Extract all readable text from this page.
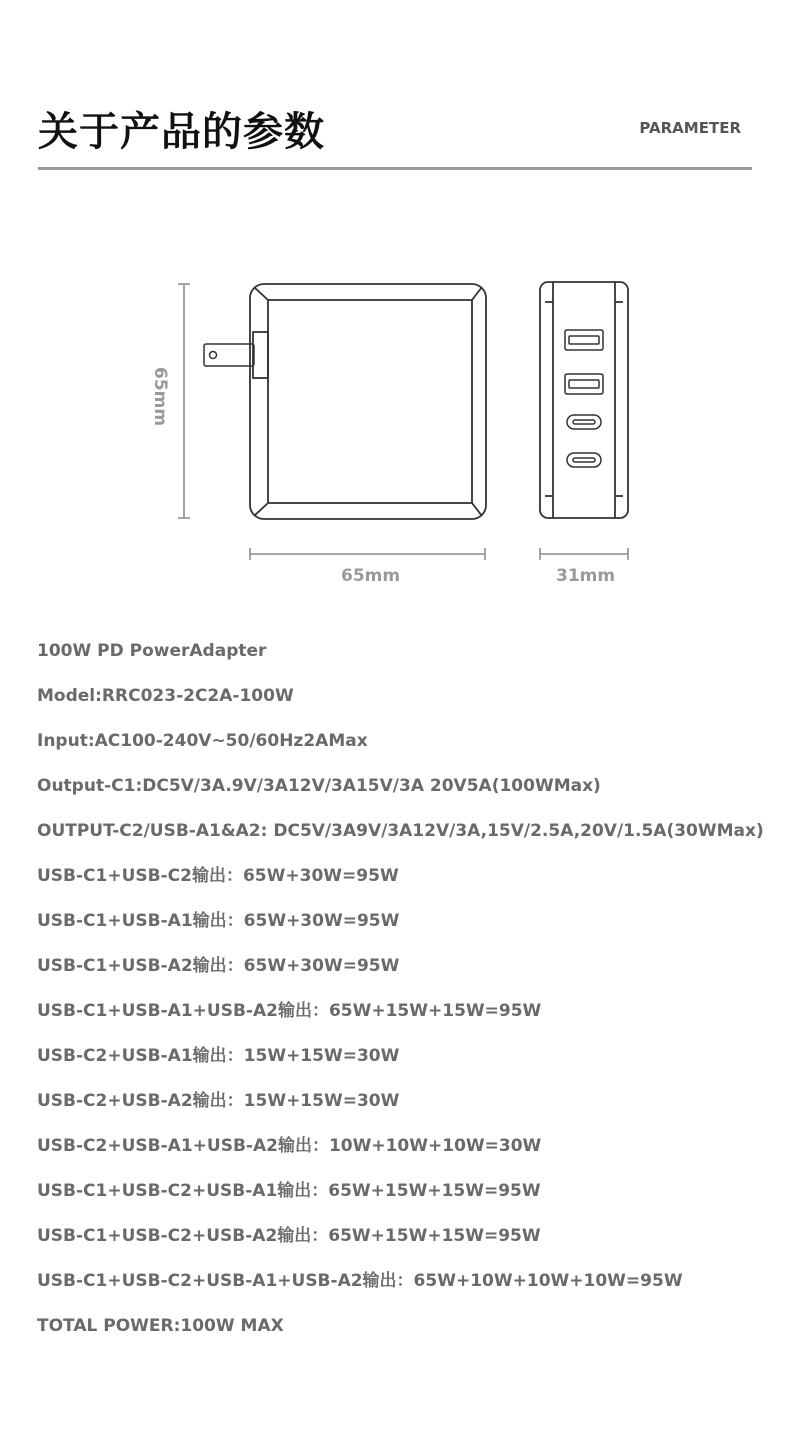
关于产品的参数	PARAMETER
65mm
65mm	31mm
100W PD PowerAdapter
Model:RRC023-2C2A-100W
Input:AC100-240V~50/60Hz2AMax
Output-C1:DC5V/3A.9V/3A12V/3A15V/3A 20V5A(100WMax)
OUTPUT-C2/USB-A1&A2: DC5V/3A9V/3A12V/3A,15V/2.5A,20V/1.5A(30WMax)
USB-C1+USB-C2输出：65W+30W=95W
USB-C1+USB-A1输出：65W+30W=95W
USB-C1+USB-A2输出：65W+30W=95W
USB-C1+USB-A1+USB-A2输出：65W+15W+15W=95W
USB-C2+USB-A1输出：15W+15W=30W
USB-C2+USB-A2输出：15W+15W=30W
USB-C2+USB-A1+USB-A2输出：10W+10W+10W=30W
USB-C1+USB-C2+USB-A1输出：65W+15W+15W=95W
USB-C1+USB-C2+USB-A2输出：65W+15W+15W=95W
USB-C1+USB-C2+USB-A1+USB-A2输出：65W+10W+10W+10W=95W
TOTAL POWER:100W MAX
